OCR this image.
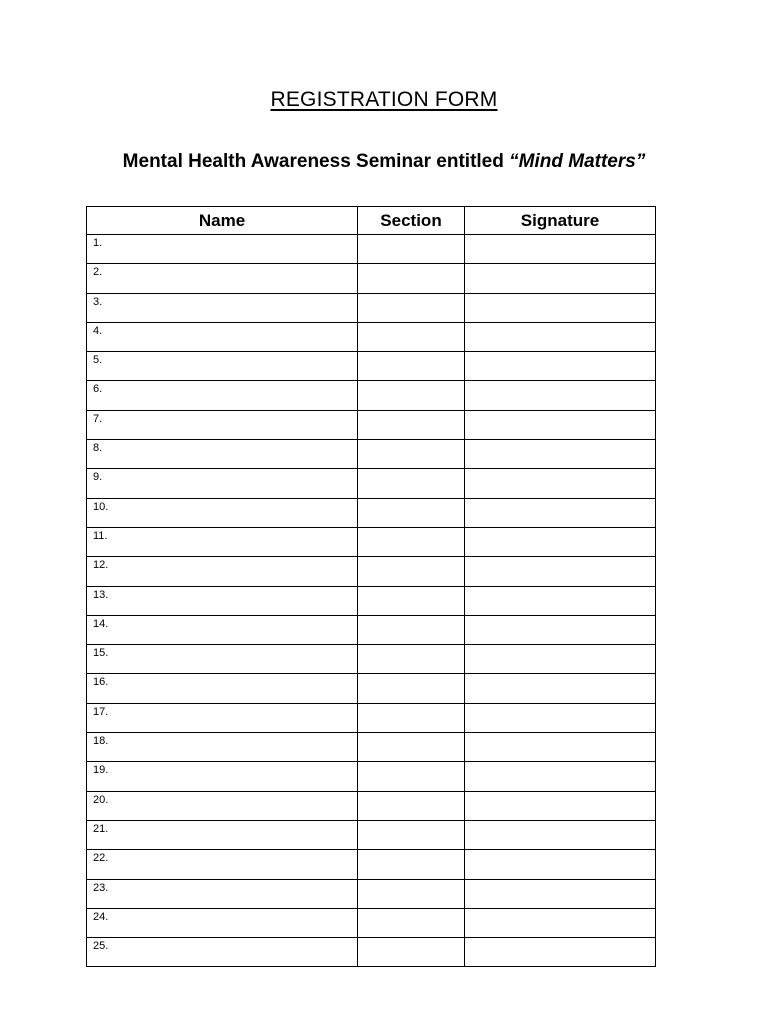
REGISTRATION FORM
Mental Health Awareness Seminar entitled “Mind Matters”
Name	Section	Signature
1.		
2.		
3.		
4.		
5.		
6.		
7.		
8.		
9.		
10.		
11.		
12.		
13.		
14.		
15.		
16.		
17.		
18.		
19.		
20.		
21.		
22.		
23.		
24.		
25.		
